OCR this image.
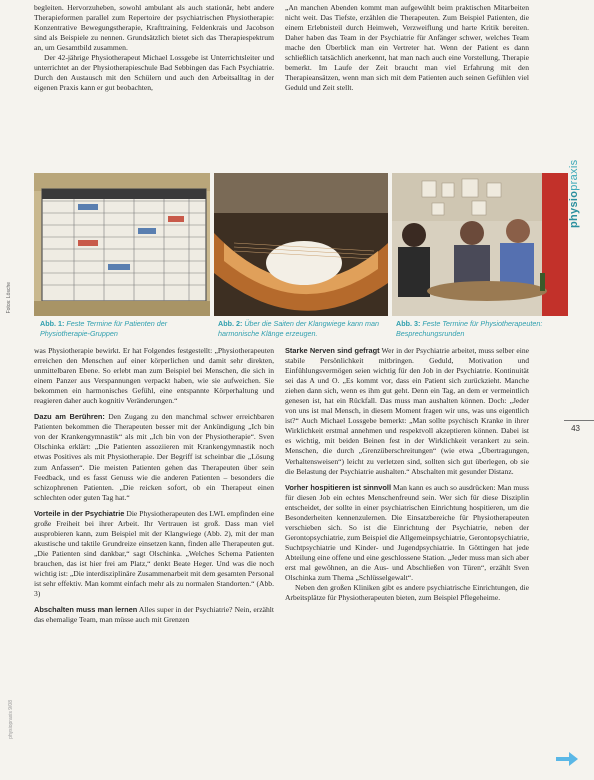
begleiten. Hervorzuheben, sowohl ambulant als auch stationär, hebt andere Therapieformen parallel zum Repertoire der psychiatrischen Physiotherapie: Konzentrative Bewegungstherapie, Krafttraining, Feldenkrais und Jacobson sind als Beispiele zu nennen. Grundsätzlich bietet sich das Therapiespektrum an, um Gesamtbild zusammen.

Der 42-jährige Physiotherapeut Michael Lossgebe ist Unterrichtsleiter und unterrichtet an der Physiotherapieschule Bad Sebbingen das Fach Psychiatrie. Durch den Austausch mit den Schülern und auch den Arbeitsalltag in der eigenen Praxis kann er gut beobachten,

„An manchen Abenden kommt man aufgewühlt beim praktischen Mitarbeiten nicht weit. Das Tiefste, erzählen die Therapeuten. Zum Beispiel Patienten, die einem Erlebnisteil durch Heimweh, Verzweiflung und harte Kritik bereiten. Daher haben das Team in der Psychiatrie für Anfänger schwer, welches Team mache den Überblick man ein Vertreter hat. Wenn der Patient es dann schließlich tatsächlich anerkennt, hat man nach auch eine Vorstellung, Therapie bemerkt. Im Laufe der Zeit braucht man viel Erfahrung mit den Therapieansätzen, wenn man sich mit dem Patienten auch seinen Gefühlen viel Geduld und Zeit stellt.

physiopraxis
Fotos: Lösche
Abb. 1: Feste Termine für Patienten der Physiotherapie-Gruppen
Abb. 2: Über die Saiten der Klangwiege kann man harmonische Klänge erzeugen.
Abb. 3: Feste Termine für Physiotherapeuten: Besprechungsrunden

was Physiotherapie bewirkt. Er hat Folgendes festgestellt: „Physiotherapeuten erreichen den Menschen auf einer körperlichen und damit sehr direkten, unmittelbaren Ebene. So erlebt man zum Beispiel bei Menschen, die sich in einem Panzer aus Verspannungen verpackt haben, wie sie aufweichen. Sie bekommen ein harmonisches Gefühl, eine entspannte Körperhaltung und reagieren daher auch kognitiv Veränderungen.“

Dazu am Berühren: Den Zugang zu den manchmal schwer erreichbaren Patienten bekommen die Therapeuten besser mit der Ankündigung „Ich bin von der Krankengymnastik“ als mit „Ich bin von der Physiotherapie“. Sven Olschinka erklärt: „Die Patienten assoziieren mit Krankengymnastik noch etwas Positives als mit Physiotherapie. Der Begriff ist scheinbar die „Lösung zum Anfassen“. Die meisten Patienten gehen das Therapeuten über sein Feedback, und es fasst Genuss wie die anderen Patienten – besonders die schizophrenen Patienten. „Die reicken sofort, ob ein Therapeut einen schlechten oder guten Tag hat.“

Vorteile in der Psychiatrie Die Physiotherapeuten des LWL empfinden eine große Freiheit bei ihrer Arbeit. Ihr Vertrauen ist groß. Dass man viel ausprobieren kann, zum Beispiel mit der Klangwiege (Abb. 2), mit der man akustische und taktile Grundreize einsetzen kann, finden alle Therapeuten gut. „Die Patienten sind dankbar,“ sagt Olschinka. „Welches Schema Patienten brauchen, das ist hier frei am Platz,“ denkt Beate Heger. Und was die noch wichtig ist: „Die interdisziplinäre Zusammenarbeit mit dem gesamten Personal ist sehr effektiv. Man kommt einfach mehr als zu normalen Standorten.“ (Abb. 3)

Abschalten muss man lernen Alles super in der Psychiatrie? Nein, erzählt das ehemalige Team, man müsse auch mit Grenzen

Starke Nerven sind gefragt Wer in der Psychiatrie arbeitet, muss selber eine stabile Persönlichkeit mitbringen. Geduld, Motivation und Einfühlungsvermögen seien wichtig für den Job in der Psychiatrie. Kontinuität sei das A und O. „Es kommt vor, dass ein Patient sich zurückzieht. Manche ziehen dann sich, wenn es ihm gut geht. Denn ein Tag, an dem er vermeintlich genesen ist, hat ein Rückfall. Das muss man aushalten können. Doch: „Jeder von uns ist mal Mensch, in diesem Moment fragen wir uns, was uns eigentlich ist?“ Auch Michael Lossgebe bemerkt: „Man sollte psychisch Kranke in ihrer Wirklichkeit erstmal annehmen und respektvoll akzeptieren können. Dabei ist es wichtig, mit beiden Beinen fest in der Wirklichkeit verankert zu sein. Menschen, die durch „Grenzüberschreitungen“ (wie etwa „Übertragungen, Verhaltensweisen“) leicht zu verletzen sind, sollten sich gut überlegen, ob sie die Belastung der Psychiatrie aushalten.“ Abschalten mit gesunder Distanz.

Vorher hospitieren ist sinnvoll Man kann es auch so ausdrücken: Man muss für diesen Job ein echtes Menschenfreund sein. Wer sich für diese Disziplin entscheidet, der sollte in einer psychiatrischen Einrichtung hospitieren, um die Besonderheiten kennenzulernen. Die Einsatzbereiche für Physiotherapeuten verschieben sich. So ist die Einrichtung der Psychiatrie, neben der Gerontopsychiatrie, zum Beispiel die Allgemeinpsychiatrie, Gerontopsychiatrie, Suchtpsychiatrie und Kinder- und Jugendpsychiatrie. In Göttingen hat jede Abteilung eine offene und eine geschlossene Station. „Jeder muss man sich aber erst mal gewöhnen, an die Aus- und Abschließen von Türen“, erzählt Sven Olschinka zum Thema „Schlüsselgewalt“.

Neben den großen Kliniken gibt es andere psychiatrische Einrichtungen, die Arbeitsplätze für Physiotherapeuten bieten, zum Beispiel Pflegeheime.

43
physiopraxis 9/08
